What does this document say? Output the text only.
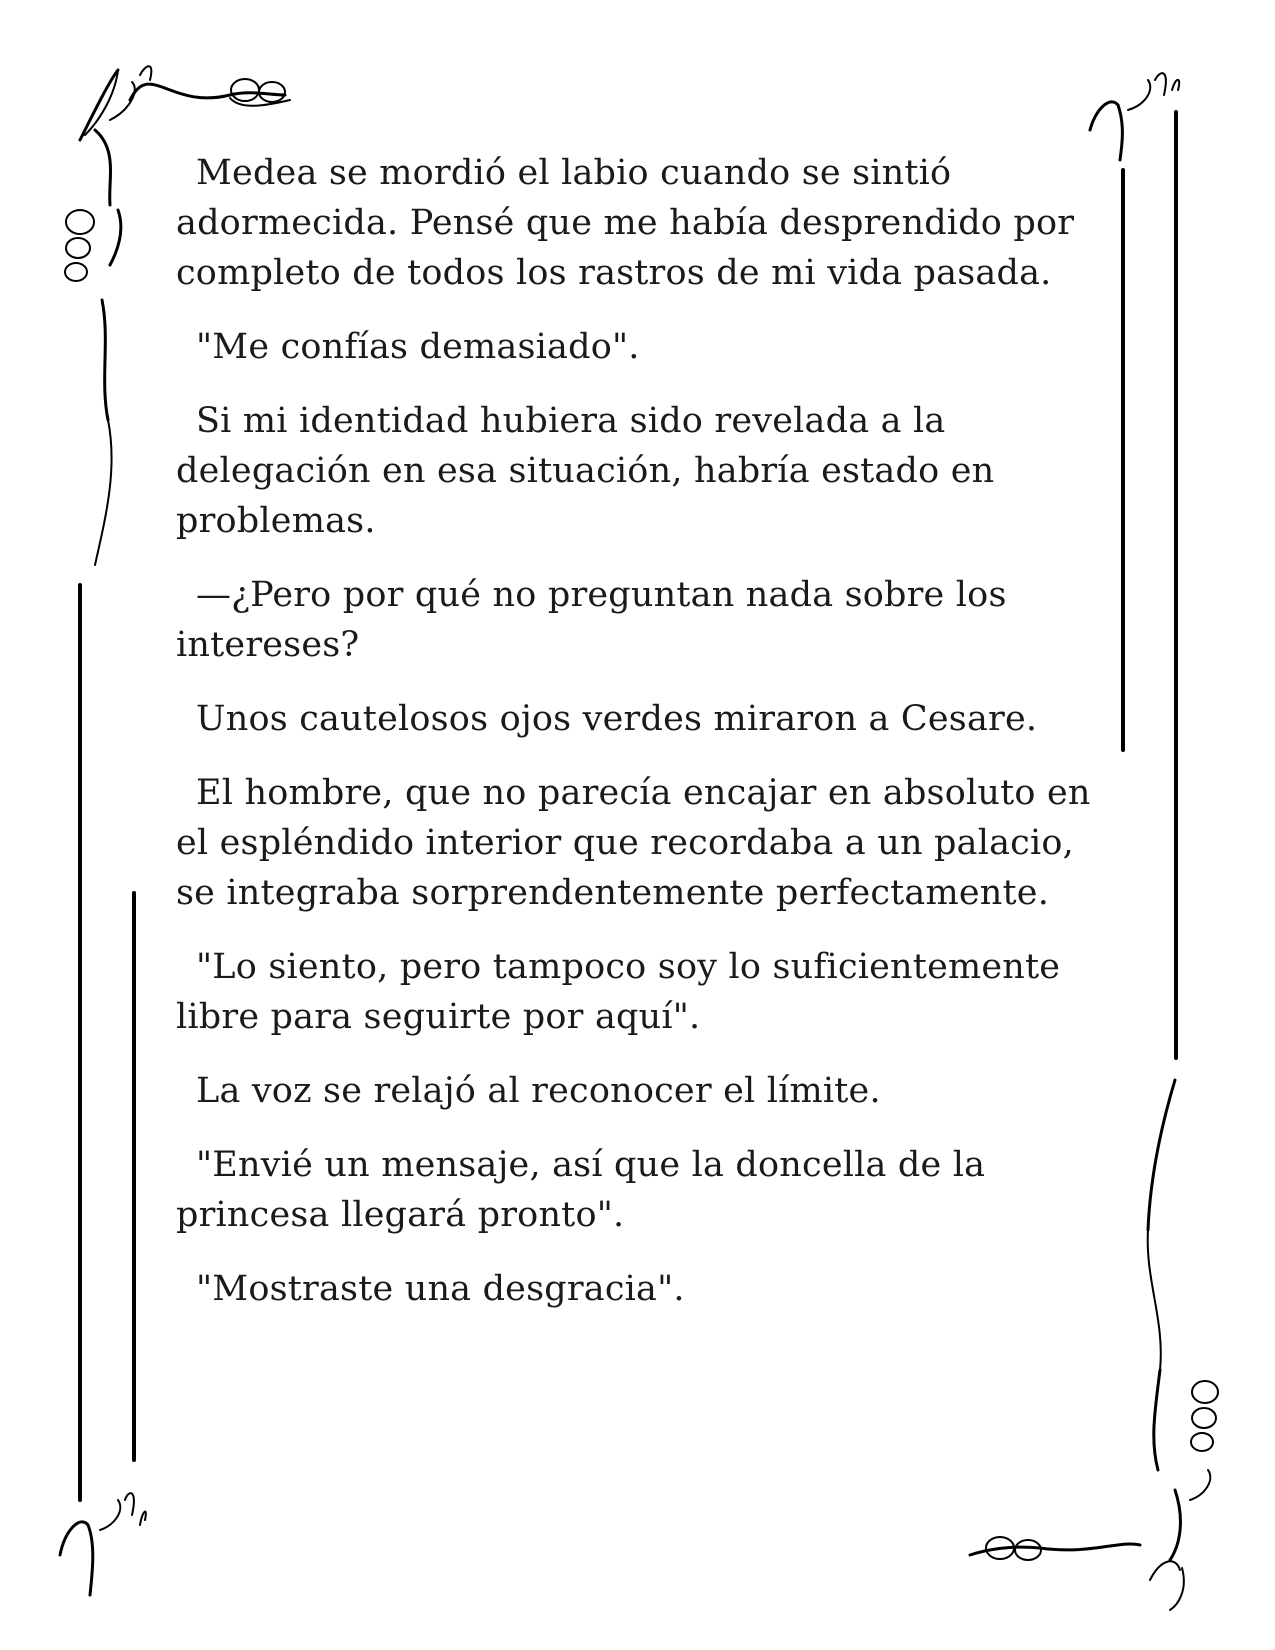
Medea se mordió el labio cuando se sintió adormecida. Pensé que me había desprendido por completo de todos los rastros de mi vida pasada.

"Me confías demasiado".

Si mi identidad hubiera sido revelada a la delegación en esa situación, habría estado en problemas.

—¿Pero por qué no preguntan nada sobre los intereses?

Unos cautelosos ojos verdes miraron a Cesare.

El hombre, que no parecía encajar en absoluto en el espléndido interior que recordaba a un palacio, se integraba sorprendentemente perfectamente.

"Lo siento, pero tampoco soy lo suficientemente libre para seguirte por aquí".

La voz se relajó al reconocer el límite.

"Envié un mensaje, así que la doncella de la princesa llegará pronto".

"Mostraste una desgracia".
